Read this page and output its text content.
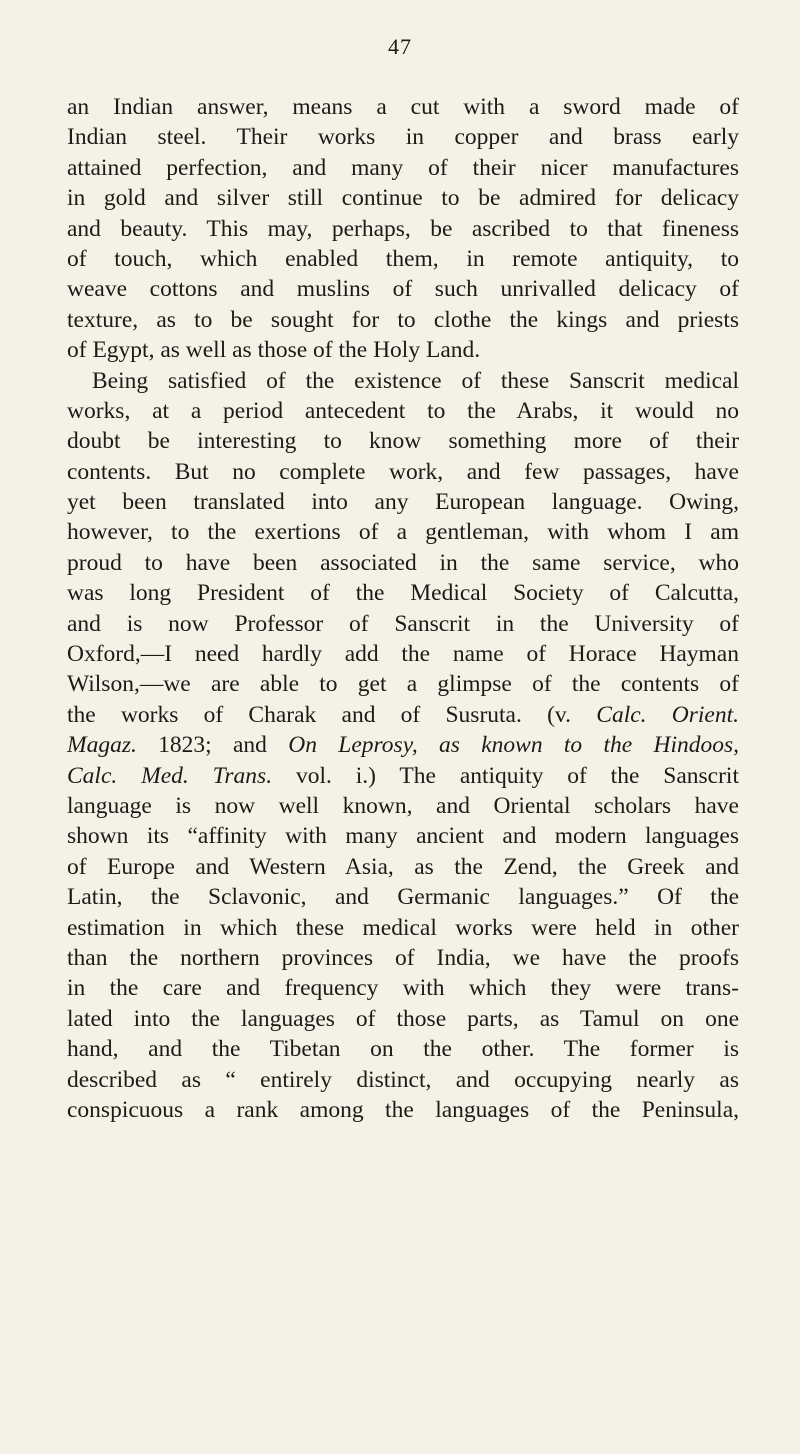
47
an Indian answer, means a cut with a sword made of
Indian steel. Their works in copper and brass early
attained perfection, and many of their nicer manufactures
in gold and silver still continue to be admired for delicacy
and beauty. This may, perhaps, be ascribed to that fineness
of touch, which enabled them, in remote antiquity, to
weave cottons and muslins of such unrivalled delicacy of
texture, as to be sought for to clothe the kings and priests
of Egypt, as well as those of the Holy Land.
Being satisfied of the existence of these Sanscrit medical
works, at a period antecedent to the Arabs, it would no
doubt be interesting to know something more of their
contents. But no complete work, and few passages, have
yet been translated into any European language. Owing,
however, to the exertions of a gentleman, with whom I am
proud to have been associated in the same service, who
was long President of the Medical Society of Calcutta,
and is now Professor of Sanscrit in the University of
Oxford,—I need hardly add the name of Horace Hayman
Wilson,—we are able to get a glimpse of the contents of
the works of Charak and of Susruta. (v. Calc. Orient.
Magaz. 1823; and On Leprosy, as known to the Hindoos,
Calc. Med. Trans. vol. i.) The antiquity of the Sanscrit
language is now well known, and Oriental scholars have
shown its “affinity with many ancient and modern languages
of Europe and Western Asia, as the Zend, the Greek and
Latin, the Sclavonic, and Germanic languages.” Of the
estimation in which these medical works were held in other
than the northern provinces of India, we have the proofs
in the care and frequency with which they were trans-
lated into the languages of those parts, as Tamul on one
hand, and the Tibetan on the other. The former is
described as “ entirely distinct, and occupying nearly as
conspicuous a rank among the languages of the Peninsula,
